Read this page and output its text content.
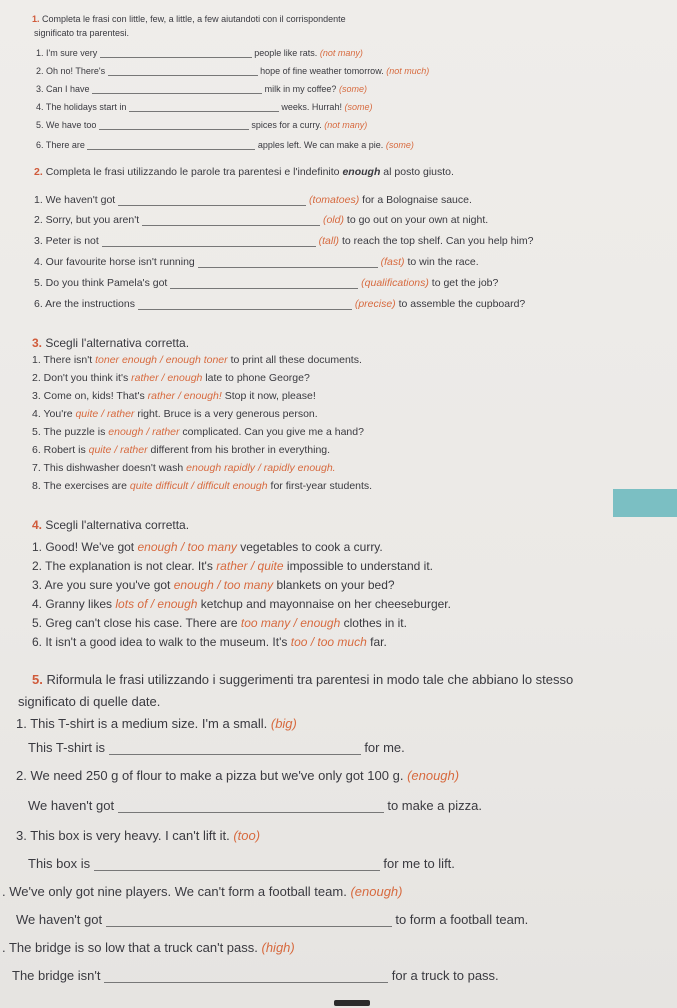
1. Completa le frasi con little, few, a little, a few aiutandoti con il corrispondente
significato tra parentesi.
1. I'm sure very	people like rats. (not many)
2. Oh no! There's	hope of fine weather tomorrow. (not much)
3. Can I have	milk in my coffee? (some)
4. The holidays start in	weeks. Hurrah! (some)
5. We have too	spices for a curry. (not many)
6. There are	apples left. We can make a pie. (some)
2. Completa le frasi utilizzando le parole tra parentesi e l'indefinito enough al posto giusto.
1. We haven't got	(tomatoes) for a Bolognaise sauce.
2. Sorry, but you aren't	(old) to go out on your own at night.
3. Peter is not	(tall) to reach the top shelf. Can you help him?
4. Our favourite horse isn't running	(fast) to win the race.
5. Do you think Pamela's got	(qualifications) to get the job?
6. Are the instructions	(precise) to assemble the cupboard?
3. Scegli l'alternativa corretta.
1. There isn't toner enough / enough toner to print all these documents.
2. Don't you think it's rather / enough late to phone George?
3. Come on, kids! That's rather / enough! Stop it now, please!
4. You're quite / rather right. Bruce is a very generous person.
5. The puzzle is enough / rather complicated. Can you give me a hand?
6. Robert is quite / rather different from his brother in everything.
7. This dishwasher doesn't wash enough rapidly / rapidly enough.
8. The exercises are quite difficult / difficult enough for first-year students.
4. Scegli l'alternativa corretta.
1. Good! We've got enough / too many vegetables to cook a curry.
2. The explanation is not clear. It's rather / quite impossible to understand it.
3. Are you sure you've got enough / too many blankets on your bed?
4. Granny likes lots of / enough ketchup and mayonnaise on her cheeseburger.
5. Greg can't close his case. There are too many / enough clothes in it.
6. It isn't a good idea to walk to the museum. It's too / too much far.
5. Riformula le frasi utilizzando i suggerimenti tra parentesi in modo tale che abbiano lo stesso
significato di quelle date.
1. This T-shirt is a medium size. I'm a small. (big)
This T-shirt is	for me.
2. We need 250 g of flour to make a pizza but we've only got 100 g. (enough)
We haven't got	to make a pizza.
3. This box is very heavy. I can't lift it. (too)
This box is	for me to lift.
. We've only got nine players. We can't form a football team. (enough)
We haven't got	to form a football team.
. The bridge is so low that a truck can't pass. (high)
The bridge isn't	for a truck to pass.
